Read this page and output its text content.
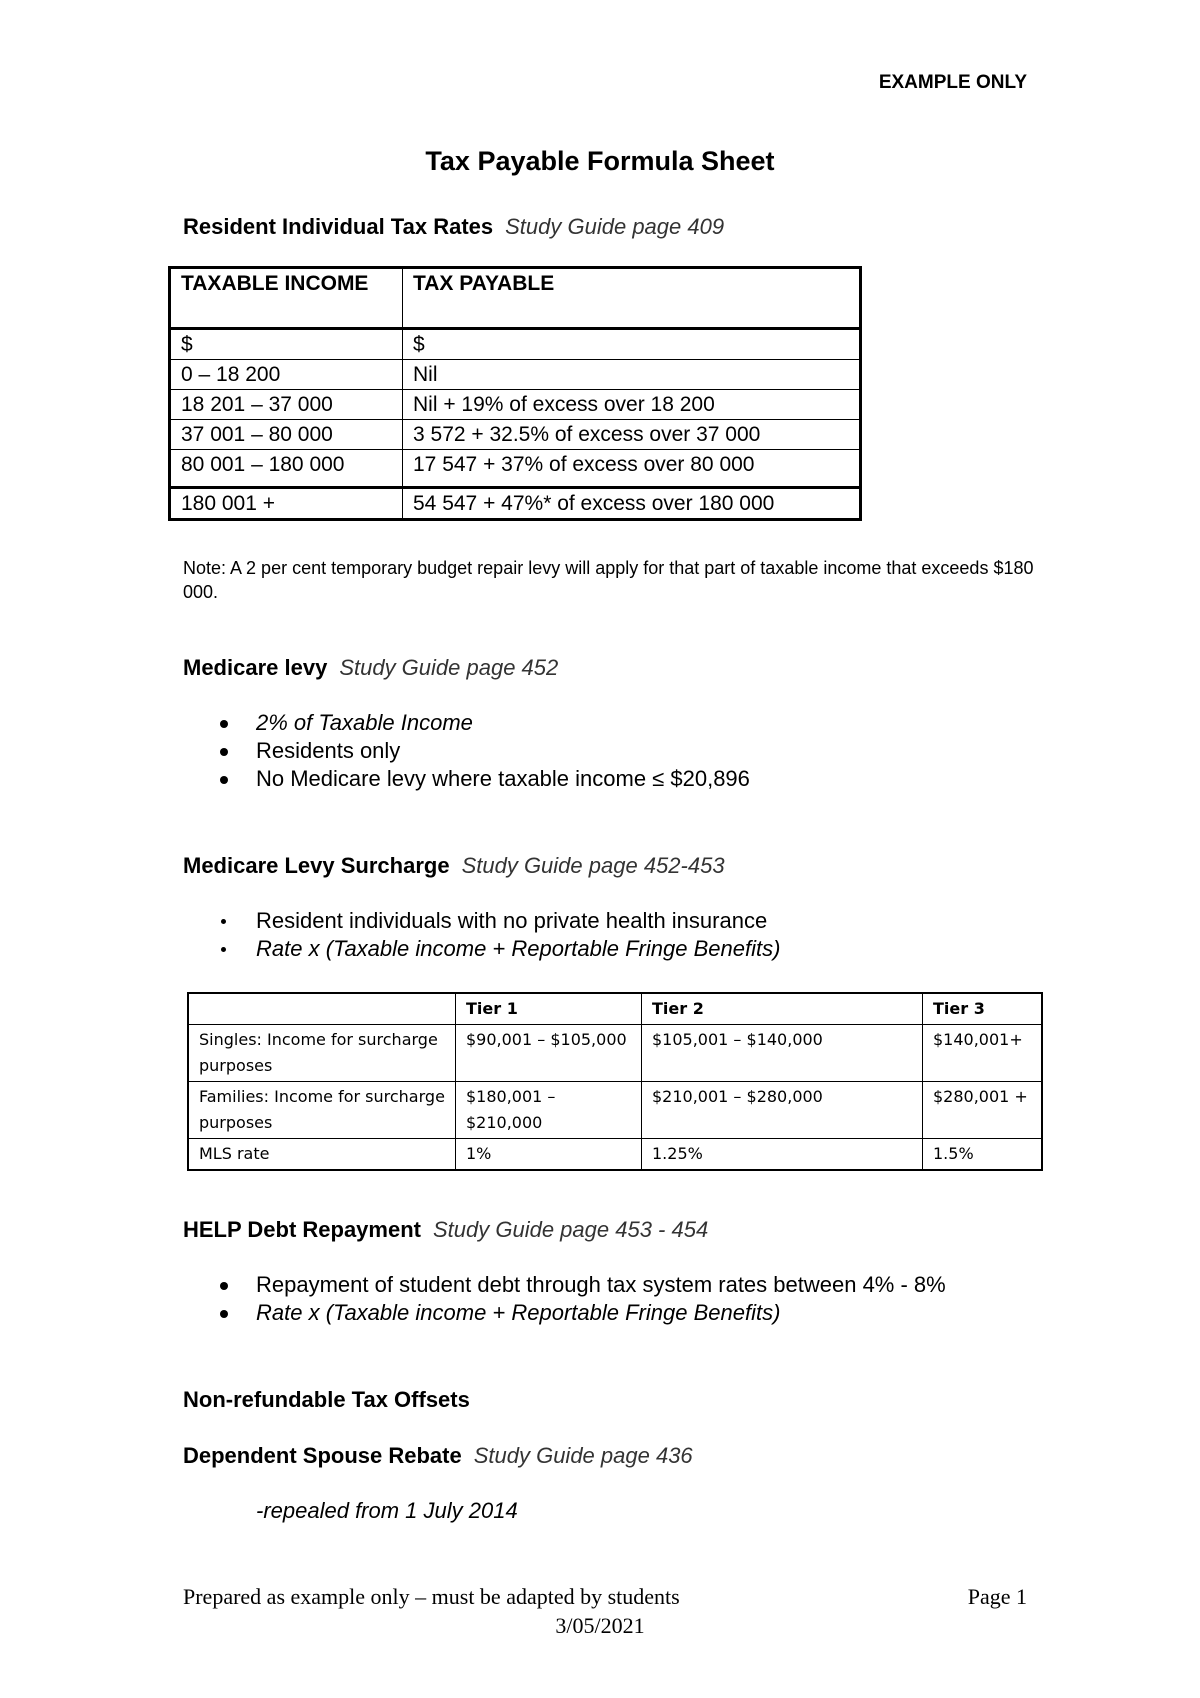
EXAMPLE ONLY
Tax Payable Formula Sheet
Resident Individual Tax Rates Study Guide page 409
TAXABLE INCOME	TAX PAYABLE
$	$
0 – 18 200	Nil
18 201 – 37 000	Nil + 19% of excess over 18 200
37 001 – 80 000	3 572 + 32.5% of excess over 37 000
80 001 – 180 000	17 547 + 37% of excess over 80 000
180 001 +	54 547 + 47%* of excess over 180 000
Note: A 2 per cent temporary budget repair levy will apply for that part of taxable income that exceeds $180 000.
Medicare levy Study Guide page 452
2% of Taxable Income
Residents only
No Medicare levy where taxable income ≤ $20,896
Medicare Levy Surcharge Study Guide page 452-453
Resident individuals with no private health insurance
Rate x (Taxable income + Reportable Fringe Benefits)
	Tier 1	Tier 2	Tier 3
Singles: Income for surcharge purposes	$90,001 – $105,000	$105,001 – $140,000	$140,001+
Families: Income for surcharge purposes	$180,001 – $210,000	$210,001 – $280,000	$280,001 +
MLS rate	1%	1.25%	1.5%
HELP Debt Repayment Study Guide page 453 - 454
Repayment of student debt through tax system rates between 4% - 8%
Rate x (Taxable income + Reportable Fringe Benefits)
Non-refundable Tax Offsets
Dependent Spouse Rebate Study Guide page 436
-repealed from 1 July 2014
Prepared as example only – must be adapted by students	Page 1
3/05/2021
